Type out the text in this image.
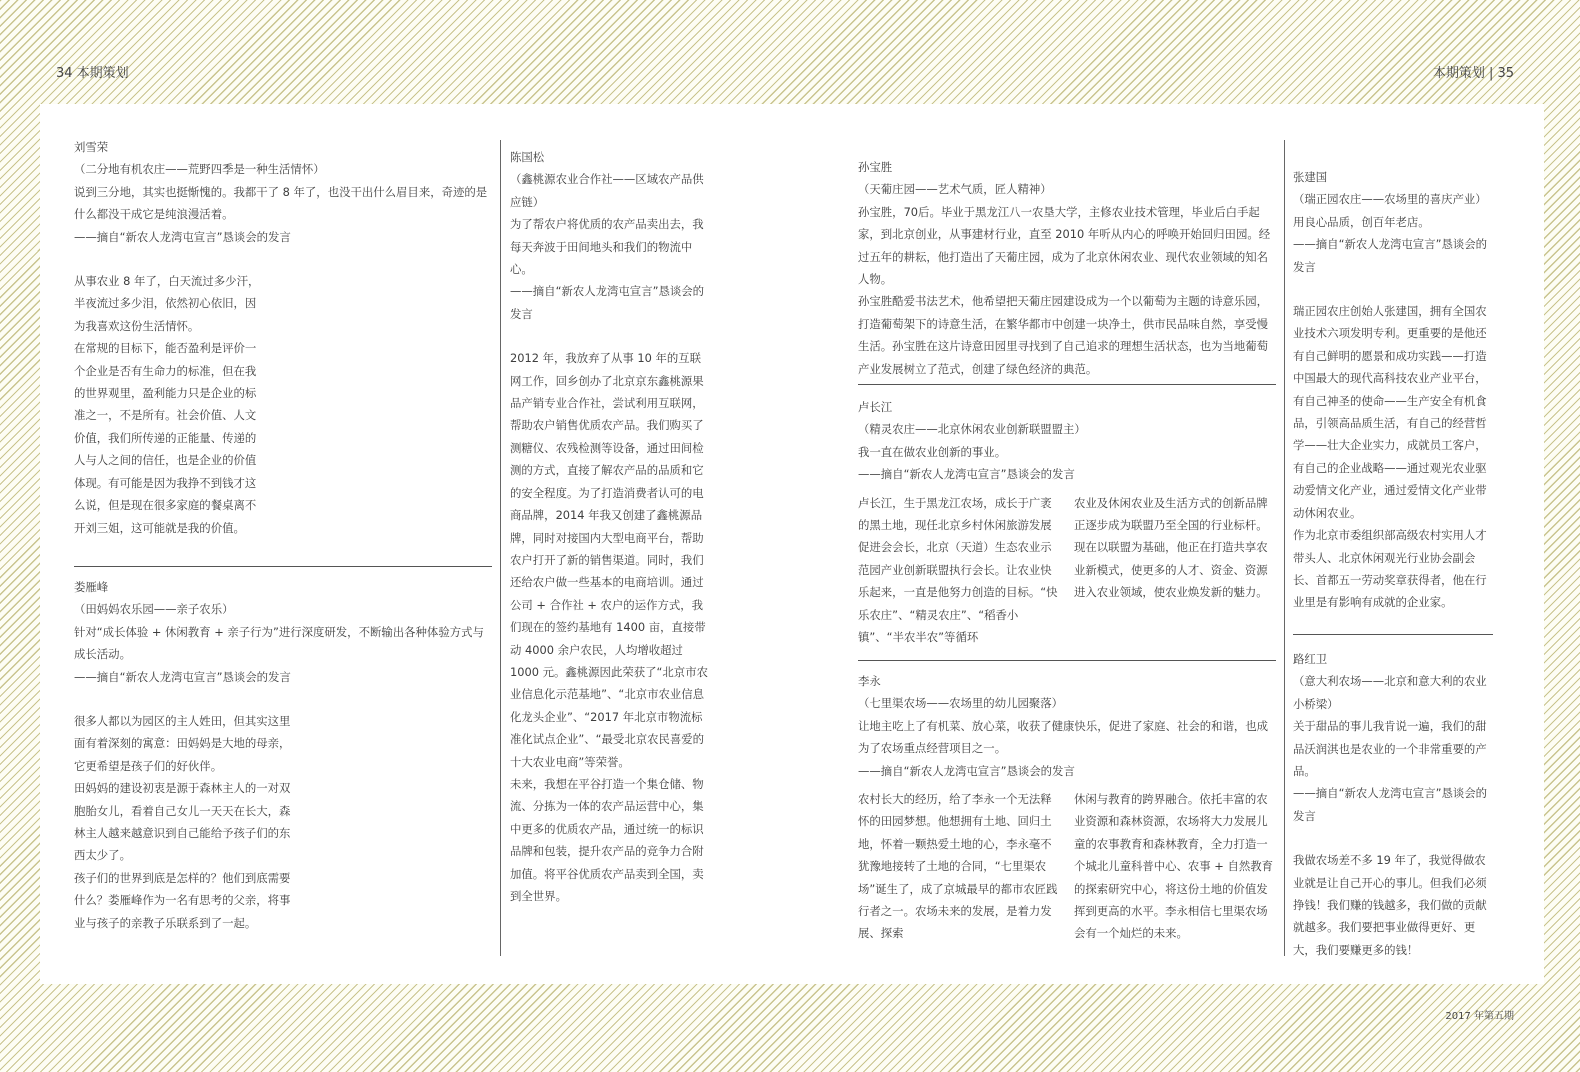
34 本期策划	本期策划 | 35

刘雪荣

（二分地有机农庄——荒野四季是一种生活情怀）

说到三分地，其实也挺惭愧的。我都干了 8 年了，也没干出什么眉目来，奇迹的是什么都没干成它是纯浪漫活着。

——摘自“新农人龙湾屯宣言”恳谈会的发言

从事农业 8 年了，白天流过多少汗，

半夜流过多少泪，依然初心依旧，因

为我喜欢这份生活情怀。

在常规的目标下，能否盈利是评价一

个企业是否有生命力的标准，但在我

的世界观里，盈利能力只是企业的标

准之一，不是所有。社会价值、人文

价值，我们所传递的正能量、传递的

人与人之间的信任，也是企业的价值

体现。有可能是因为我挣不到钱才这

么说，但是现在很多家庭的餐桌离不

开刘三姐，这可能就是我的价值。

娄雁峰

（田妈妈农乐园——亲子农乐）

针对“成长体验 + 休闲教育 + 亲子行为”进行深度研发，不断输出各种体验方式与成长活动。

——摘自“新农人龙湾屯宣言”恳谈会的发言

很多人都以为园区的主人姓田，但其实这里

面有着深刻的寓意：田妈妈是大地的母亲，

它更希望是孩子们的好伙伴。

田妈妈的建设初衷是源于森林主人的一对双

胞胎女儿，看着自己女儿一天天在长大，森

林主人越来越意识到自己能给予孩子们的东

西太少了。

孩子们的世界到底是怎样的？他们到底需要

什么？娄雁峰作为一名有思考的父亲，将事

业与孩子的亲教子乐联系到了一起。

陈国松

（鑫桃源农业合作社——区域农产品供应链）

为了帮农户将优质的农产品卖出去，我每天奔波于田间地头和我们的物流中心。

——摘自“新农人龙湾屯宣言”恳谈会的发言

2012 年，我放弃了从事 10 年的互联网工作，回乡创办了北京京东鑫桃源果品产销专业合作社，尝试利用互联网，帮助农户销售优质农产品。我们购买了测糖仪、农残检测等设备，通过田间检测的方式，直接了解农产品的品质和它的安全程度。为了打造消费者认可的电商品牌，2014 年我又创建了鑫桃源品牌，同时对接国内大型电商平台，帮助农户打开了新的销售渠道。同时，我们还给农户做一些基本的电商培训。通过公司 + 合作社 + 农户的运作方式，我们现在的签约基地有 1400 亩，直接带动 4000 余户农民，人均增收超过 1000 元。鑫桃源因此荣获了“北京市农业信息化示范基地”、“北京市农业信息化龙头企业”、“2017 年北京市物流标准化试点企业”、“最受北京农民喜爱的十大农业电商”等荣誉。

未来，我想在平谷打造一个集仓储、物流、分拣为一体的农产品运营中心，集中更多的优质农产品，通过统一的标识品牌和包装，提升农产品的竞争力合附加值。将平谷优质农产品卖到全国，卖到全世界。

孙宝胜

（天葡庄园——艺术气质，匠人精神）

孙宝胜，70后。毕业于黑龙江八一农垦大学，主修农业技术管理，毕业后白手起家，到北京创业，从事建材行业，直至 2010 年听从内心的呼唤开始回归田园。经过五年的耕耘，他打造出了天葡庄园，成为了北京休闲农业、现代农业领域的知名人物。

孙宝胜酷爱书法艺术，他希望把天葡庄园建设成为一个以葡萄为主题的诗意乐园，打造葡萄架下的诗意生活，在繁华都市中创建一块净土，供市民品味自然，享受慢生活。孙宝胜在这片诗意田园里寻找到了自己追求的理想生活状态，也为当地葡萄产业发展树立了范式，创建了绿色经济的典范。

卢长江

（精灵农庄——北京休闲农业创新联盟盟主）

我一直在做农业创新的事业。

——摘自“新农人龙湾屯宣言”恳谈会的发言

卢长江，生于黑龙江农场，成长于广袤的黑土地，现任北京乡村休闲旅游发展促进会会长，北京（天道）生态农业示范园产业创新联盟执行会长。让农业快乐起来，一直是他努力创造的目标。“快乐农庄”、“精灵农庄”、“稻香小镇”、“半农半农”等循环
农业及休闲农业及生活方式的创新品牌正逐步成为联盟乃至全国的行业标杆。现在以联盟为基础，他正在打造共享农业新模式，使更多的人才、资金、资源进入农业领域，使农业焕发新的魅力。

李永

（七里渠农场——农场里的幼儿园聚落）

让地主吃上了有机菜、放心菜，收获了健康快乐，促进了家庭、社会的和谐，也成为了农场重点经营项目之一。

——摘自“新农人龙湾屯宣言”恳谈会的发言

农村长大的经历，给了李永一个无法释怀的田园梦想。他想拥有土地、回归土地，怀着一颗热爱土地的心，李永毫不犹豫地接转了土地的合同，“七里渠农场”诞生了，成了京城最早的都市农匠践行者之一。农场未来的发展，是着力发展、探索
休闲与教育的跨界融合。依托丰富的农业资源和森林资源，农场将大力发展儿童的农事教育和森林教育，全力打造一个城北儿童科普中心、农事 + 自然教育的探索研究中心，将这份土地的价值发挥到更高的水平。李永相信七里渠农场会有一个灿烂的未来。

张建国

（瑞正园农庄——农场里的喜庆产业）

用良心品质，创百年老店。

——摘自“新农人龙湾屯宣言”恳谈会的发言

瑞正园农庄创始人张建国，拥有全国农业技术六项发明专利。更重要的是他还有自己鲜明的愿景和成功实践——打造中国最大的现代高科技农业产业平台，有自己神圣的使命——生产安全有机食品，引领高品质生活，有自己的经营哲学——壮大企业实力，成就员工客户，有自己的企业战略——通过观光农业驱动爱情文化产业，通过爱情文化产业带动休闲农业。

作为北京市委组织部高级农村实用人才带头人、北京休闲观光行业协会副会长、首都五一劳动奖章获得者，他在行业里是有影响有成就的企业家。

路红卫

（意大利农场——北京和意大利的农业小桥梁）

关于甜品的事儿我肯说一遍，我们的甜品沃润淇也是农业的一个非常重要的产品。

——摘自“新农人龙湾屯宣言”恳谈会的发言

我做农场差不多 19 年了，我觉得做农业就是让自己开心的事儿。但我们必须挣钱！我们赚的钱越多，我们做的贡献就越多。我们要把事业做得更好、更大，我们要赚更多的钱！

2017 年第五期
